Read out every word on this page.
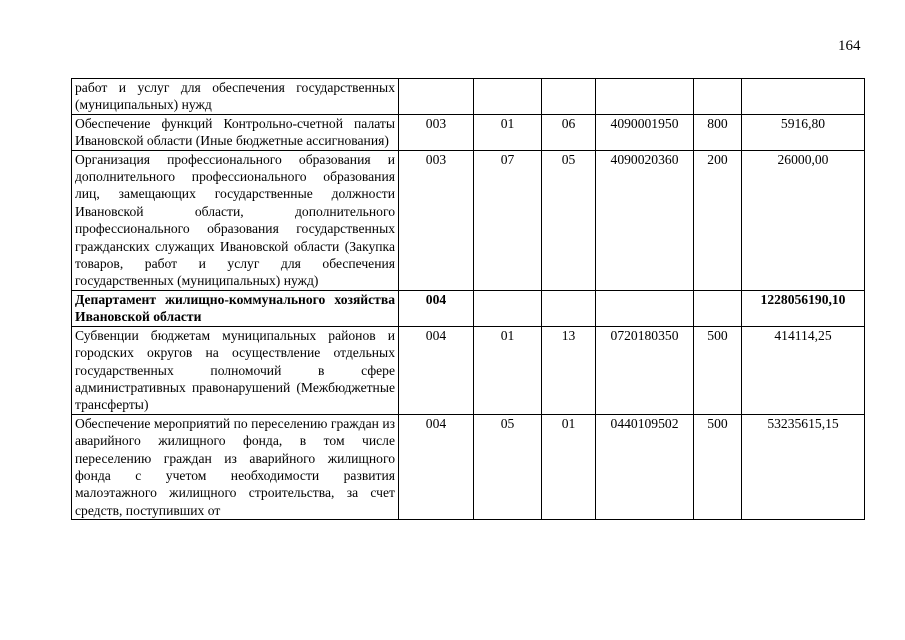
164
работ и услуг для обеспечения государственных (муниципальных) нужд						
Обеспечение функций Контрольно-счетной палаты Ивановской области (Иные бюджетные ассигнования)	003	01	06	4090001950	800	5916,80
Организация профессионального образования и дополнительного профессионального образования лиц, замещающих государственные должности Ивановской области, дополнительного профессионального образования государственных гражданских служащих Ивановской области (Закупка товаров, работ и услуг для обеспечения государственных (муниципальных) нужд)	003	07	05	4090020360	200	26000,00
Департамент жилищно-коммунального хозяйства Ивановской области	004					1228056190,10
Субвенции бюджетам муниципальных районов и городских округов на осуществление отдельных государственных полномочий в сфере административных правонарушений (Межбюджетные трансферты)	004	01	13	0720180350	500	414114,25
Обеспечение мероприятий по переселению граждан из аварийного жилищного фонда, в том числе переселению граждан из аварийного жилищного фонда с учетом необходимости развития малоэтажного жилищного строительства, за счет средств, поступивших от	004	05	01	0440109502	500	53235615,15
